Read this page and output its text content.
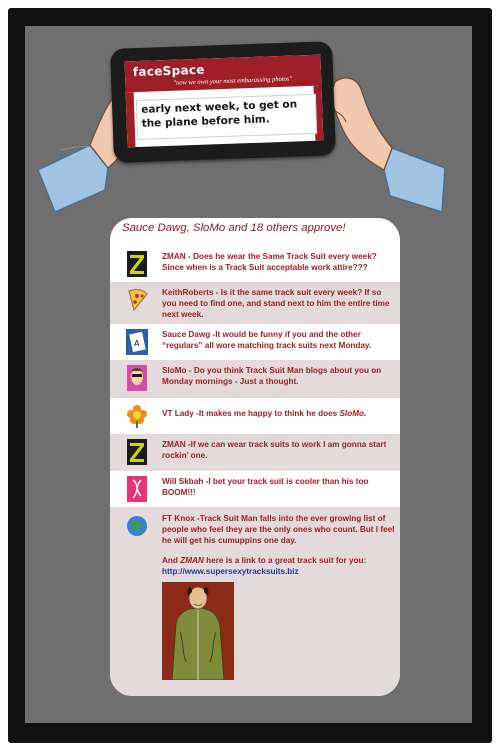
faceSpace
"now we own your most embarassing photos"
early next week, to get on the plane before him.
Sauce Dawg, SloMo and 18 others approve!
ZMAN - Does he wear the Same Track Suit every week? Since when is a Track Suit acceptable work attire???
KeithRoberts - Is it the same track suit every week? If so you need to find one, and stand next to him the entire time next week.
A
Sauce Dawg -It would be funny if you and the other “regulars” all wore matching track suits next Monday.
SloMo - Do you think Track Suit Man blogs about you on Monday mornings - Just a thought.
VT Lady -It makes me happy to think he does SloMo.
ZMAN -If we can wear track suits to work I am gonna start rockin’ one.
Will Skbah -I bet your track suit is cooler than his too BOOM!!!
FT Knox -Track Suit Man falls into the ever growing list of people who feel they are the only ones who count. But I feel he will get his cumuppins one day.
And ZMAN here is a link to a great track suit for you:
http://www.supersexytracksuits.biz
